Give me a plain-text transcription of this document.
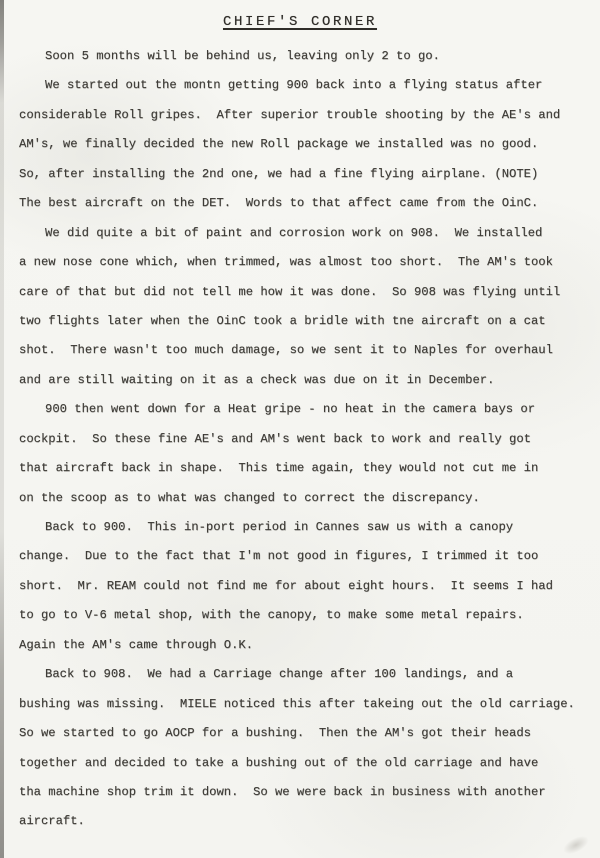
CHIEF'S CORNER
Soon 5 months will be behind us, leaving only 2 to go.
We started out the montn getting 900 back into a flying status after
considerable Roll gripes.  After superior trouble shooting by the AE's and
AM's, we finally decided the new Roll package we installed was no good.
So, after installing the 2nd one, we had a fine flying airplane. (NOTE)
The best aircraft on the DET.  Words to that affect came from the OinC.
We did quite a bit of paint and corrosion work on 908.  We installed
a new nose cone which, when trimmed, was almost too short.  The AM's took
care of that but did not tell me how it was done.  So 908 was flying until
two flights later when the OinC took a bridle with tne aircraft on a cat
shot.  There wasn't too much damage, so we sent it to Naples for overhaul
and are still waiting on it as a check was due on it in December.
900 then went down for a Heat gripe - no heat in the camera bays or
cockpit.  So these fine AE's and AM's went back to work and really got
that aircraft back in shape.  This time again, they would not cut me in
on the scoop as to what was changed to correct the discrepancy.
Back to 900.  This in-port period in Cannes saw us with a canopy
change.  Due to the fact that I'm not good in figures, I trimmed it too
short.  Mr. REAM could not find me for about eight hours.  It seems I had
to go to V-6 metal shop, with the canopy, to make some metal repairs.
Again the AM's came through O.K.
Back to 908.  We had a Carriage change after 100 landings, and a
bushing was missing.  MIELE noticed this after takeing out the old carriage.
So we started to go AOCP for a bushing.  Then the AM's got their heads
together and decided to take a bushing out of the old carriage and have
tha machine shop trim it down.  So we were back in business with another
aircraft.
